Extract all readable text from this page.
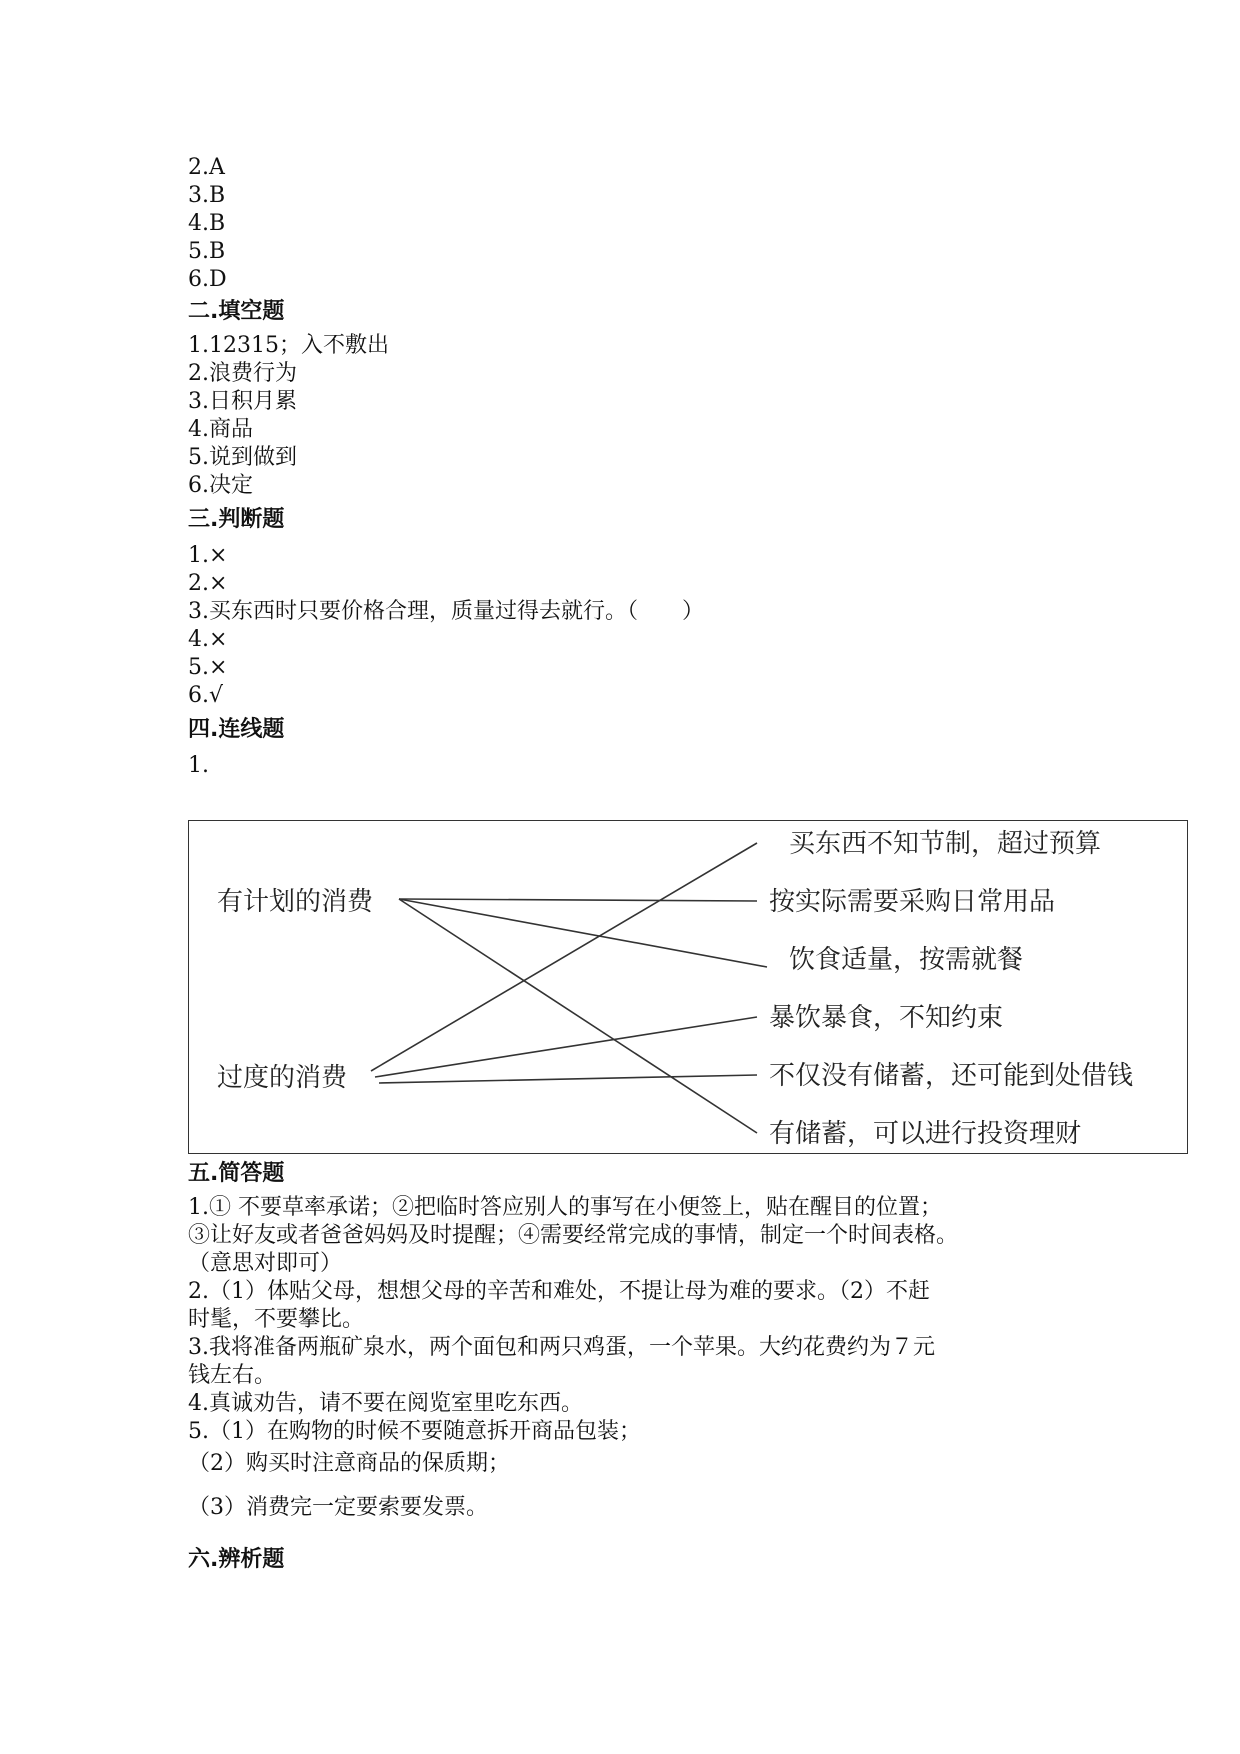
2.A
3.B
4.B
5.B
6.D
二.填空题
1.12315；入不敷出
2.浪费行为
3.日积月累
4.商品
5.说到做到
6.决定
三.判断题
1.×
2.×
3.买东西时只要价格合理，质量过得去就行。（　　）
4.×
5.×
6.√
四.连线题
1.
有计划的消费
过度的消费
买东西不知节制，超过预算
按实际需要采购日常用品
饮食适量，按需就餐
暴饮暴食，不知约束
不仅没有储蓄，还可能到处借钱
有储蓄，可以进行投资理财
五.简答题
1.① 不要草率承诺；②把临时答应别人的事写在小便签上，贴在醒目的位置；
③让好友或者爸爸妈妈及时提醒；④需要经常完成的事情，制定一个时间表格。
（意思对即可）
2.（1）体贴父母，想想父母的辛苦和难处，不提让母为难的要求。（2）不赶
时髦，不要攀比。
3.我将准备两瓶矿泉水，两个面包和两只鸡蛋，一个苹果。大约花费约为７元
钱左右。
4.真诚劝告，请不要在阅览室里吃东西。
5.（1）在购物的时候不要随意拆开商品包装；
（2）购买时注意商品的保质期；
（3）消费完一定要索要发票。
六.辨析题
